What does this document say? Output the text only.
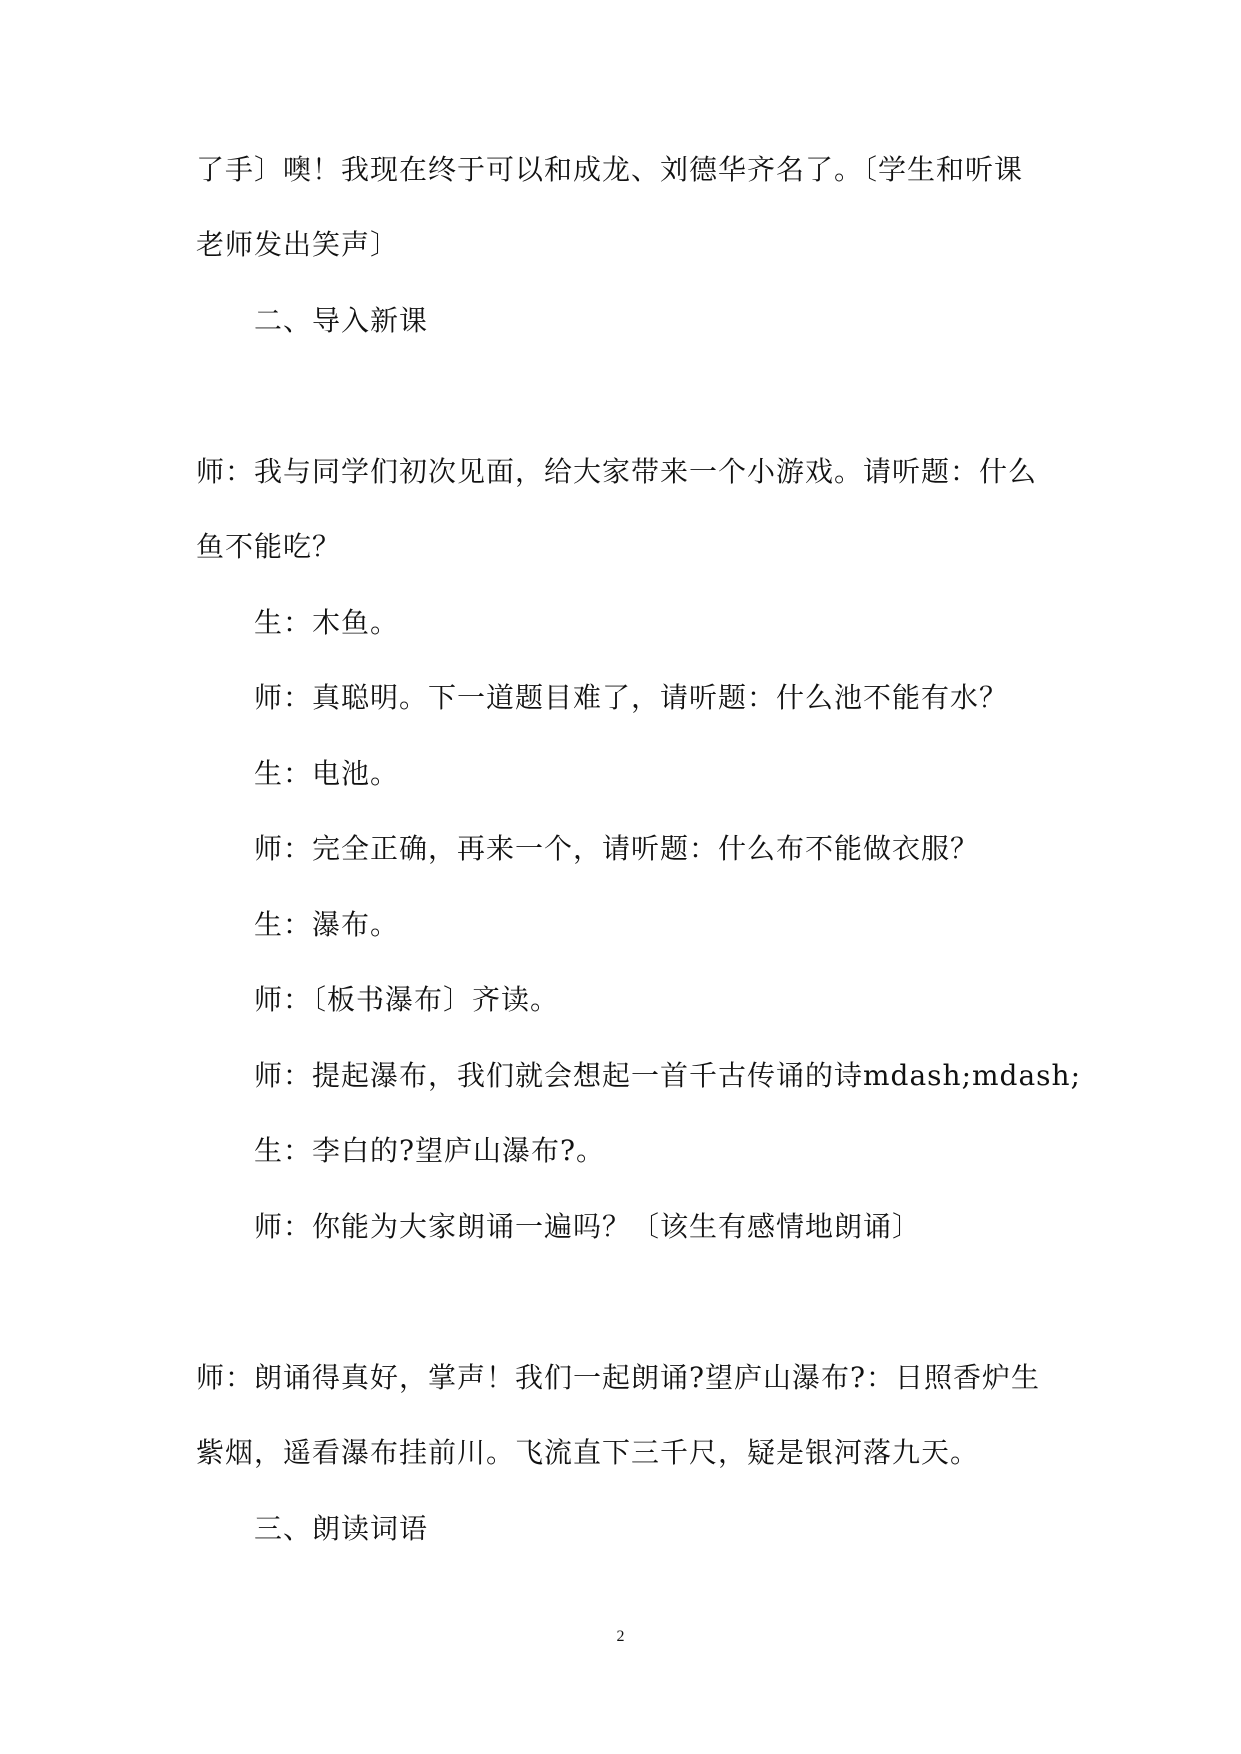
了手〕噢！我现在终于可以和成龙、刘德华齐名了。〔学生和听课
老师发出笑声〕
二、导入新课
师：我与同学们初次见面，给大家带来一个小游戏。请听题：什么
鱼不能吃？
生：木鱼。
师：真聪明。下一道题目难了，请听题：什么池不能有水？
生：电池。
师：完全正确，再来一个，请听题：什么布不能做衣服？
生：瀑布。
师：〔板书瀑布〕齐读。
师：提起瀑布，我们就会想起一首千古传诵的诗mdash;mdash;
生：李白的?望庐山瀑布?。
师：你能为大家朗诵一遍吗？〔该生有感情地朗诵〕
师：朗诵得真好，掌声！我们一起朗诵?望庐山瀑布?：日照香炉生
紫烟，遥看瀑布挂前川。飞流直下三千尺，疑是银河落九天。
三、朗读词语
2
